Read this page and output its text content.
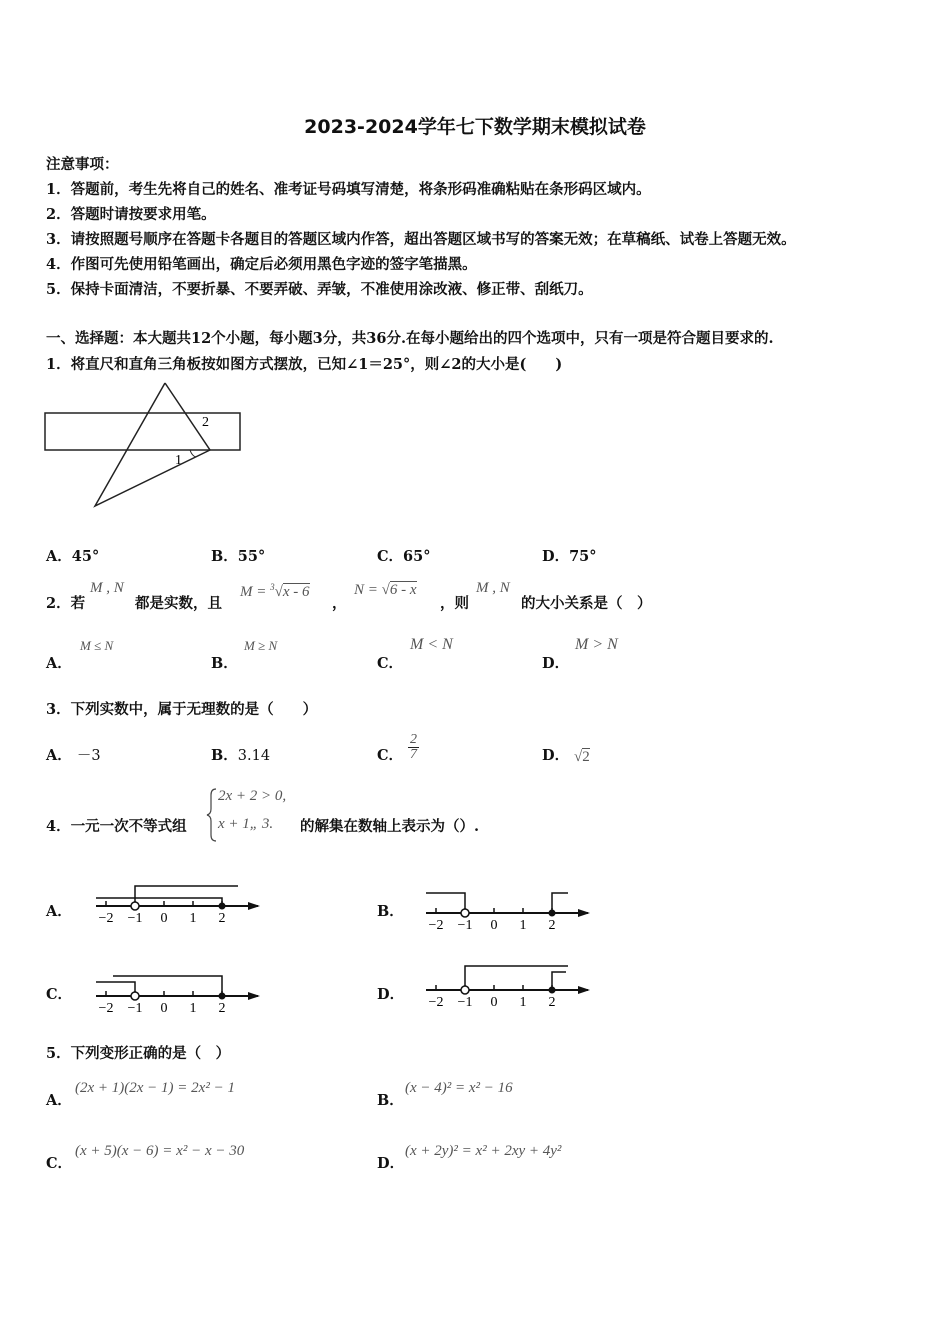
2023-2024学年七下数学期末模拟试卷
注意事项：
1．答题前，考生先将自己的姓名、准考证号码填写清楚，将条形码准确粘贴在条形码区域内。
2．答题时请按要求用笔。
3．请按照题号顺序在答题卡各题目的答题区域内作答，超出答题区域书写的答案无效；在草稿纸、试卷上答题无效。
4．作图可先使用铅笔画出，确定后必须用黑色字迹的签字笔描黑。
5．保持卡面清洁，不要折暴、不要弄破、弄皱，不准使用涂改液、修正带、刮纸刀。
一、选择题：本大题共12个小题，每小题3分，共36分.在每小题给出的四个选项中，只有一项是符合题目要求的.
1．将直尺和直角三角板按如图方式摆放，已知∠1＝25°，则∠2的大小是(　　)
1
2
A．45°	B．55°	C．65°	D．75°
2．若
M , N
都是实数，且
M = $^3$√x - 6
，
N = √6 - x
，则
M , N
的大小关系是（　）
A．
M ≤ N
B．
M ≥ N
C．
M < N
D．
M > N
3．下列实数中，属于无理数的是（　　）
A． －3	B．3.14	C． $\frac{2}{7}$	D． √2
4．一元一次不等式组
2x + 2 > 0,
x + 1„ 3. 的解集在数轴上表示为（）.
A． −2 −1 0 1 2	B．
−2 −1 0 1 2
C．
−2 −1 0 1 2
D． −2 −1 0 1 2
5．下列变形正确的是（　）
A．
(2x + 1)(2x − 1) = 2x² − 1
B．
(x − 4)² = x² − 16
C．
(x + 5)(x − 6) = x² − x − 30
D．
(x + 2y)² = x² + 2xy + 4y²
